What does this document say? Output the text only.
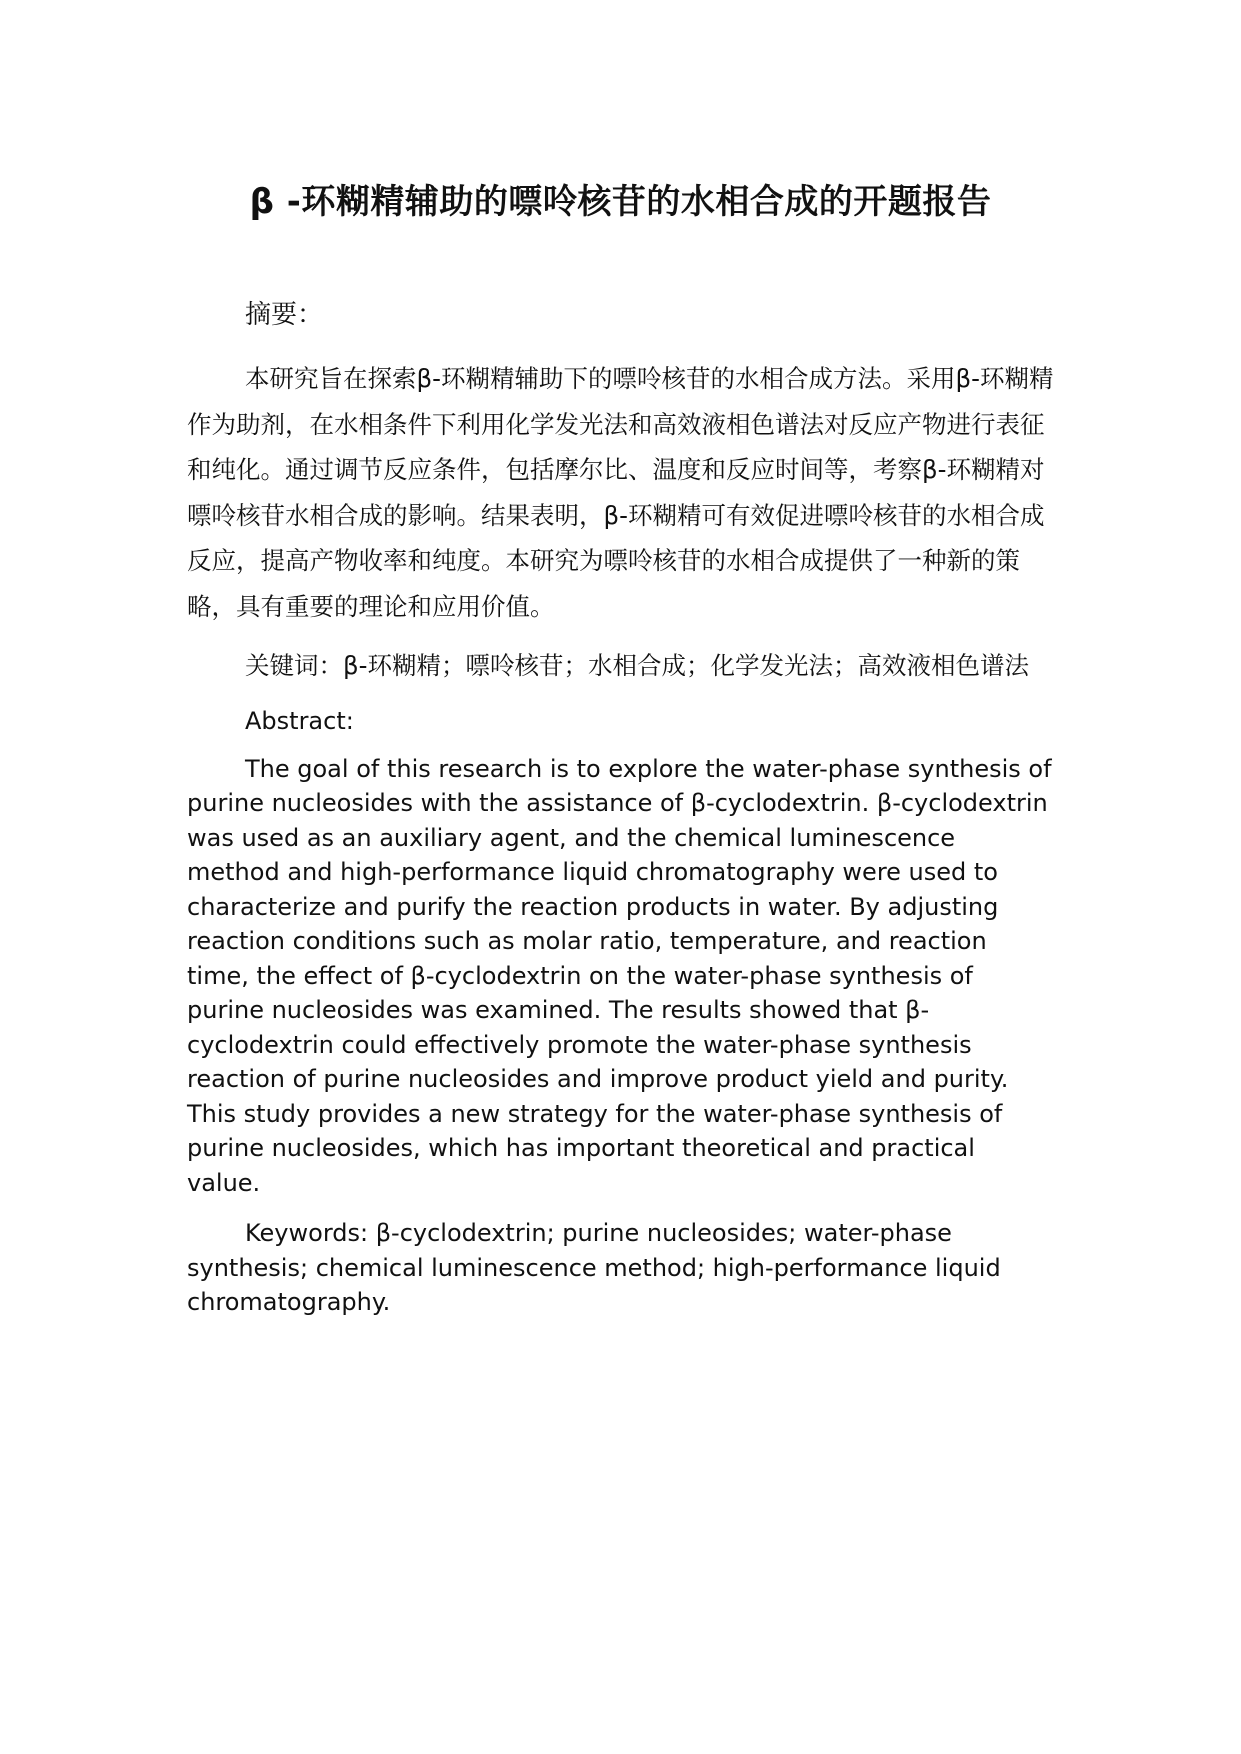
β -环糊精辅助的嘌呤核苷的水相合成的开题报告
摘要：
本研究旨在探索β-环糊精辅助下的嘌呤核苷的水相合成方法。采用β-环糊精作为助剂，在水相条件下利用化学发光法和高效液相色谱法对反应产物进行表征和纯化。通过调节反应条件，包括摩尔比、温度和反应时间等，考察β-环糊精对嘌呤核苷水相合成的影响。结果表明，β-环糊精可有效促进嘌呤核苷的水相合成反应，提高产物收率和纯度。本研究为嘌呤核苷的水相合成提供了一种新的策略，具有重要的理论和应用价值。
关键词：β-环糊精；嘌呤核苷；水相合成；化学发光法；高效液相色谱法
Abstract:
The goal of this research is to explore the water-phase synthesis of purine nucleosides with the assistance of β-cyclodextrin. β-cyclodextrin was used as an auxiliary agent, and the chemical luminescence method and high-performance liquid chromatography were used to characterize and purify the reaction products in water. By adjusting reaction conditions such as molar ratio, temperature, and reaction time, the effect of β-cyclodextrin on the water-phase synthesis of purine nucleosides was examined. The results showed that β-cyclodextrin could effectively promote the water-phase synthesis reaction of purine nucleosides and improve product yield and purity. This study provides a new strategy for the water-phase synthesis of purine nucleosides, which has important theoretical and practical value.
Keywords: β-cyclodextrin; purine nucleosides; water-phase synthesis; chemical luminescence method; high-performance liquid chromatography.
